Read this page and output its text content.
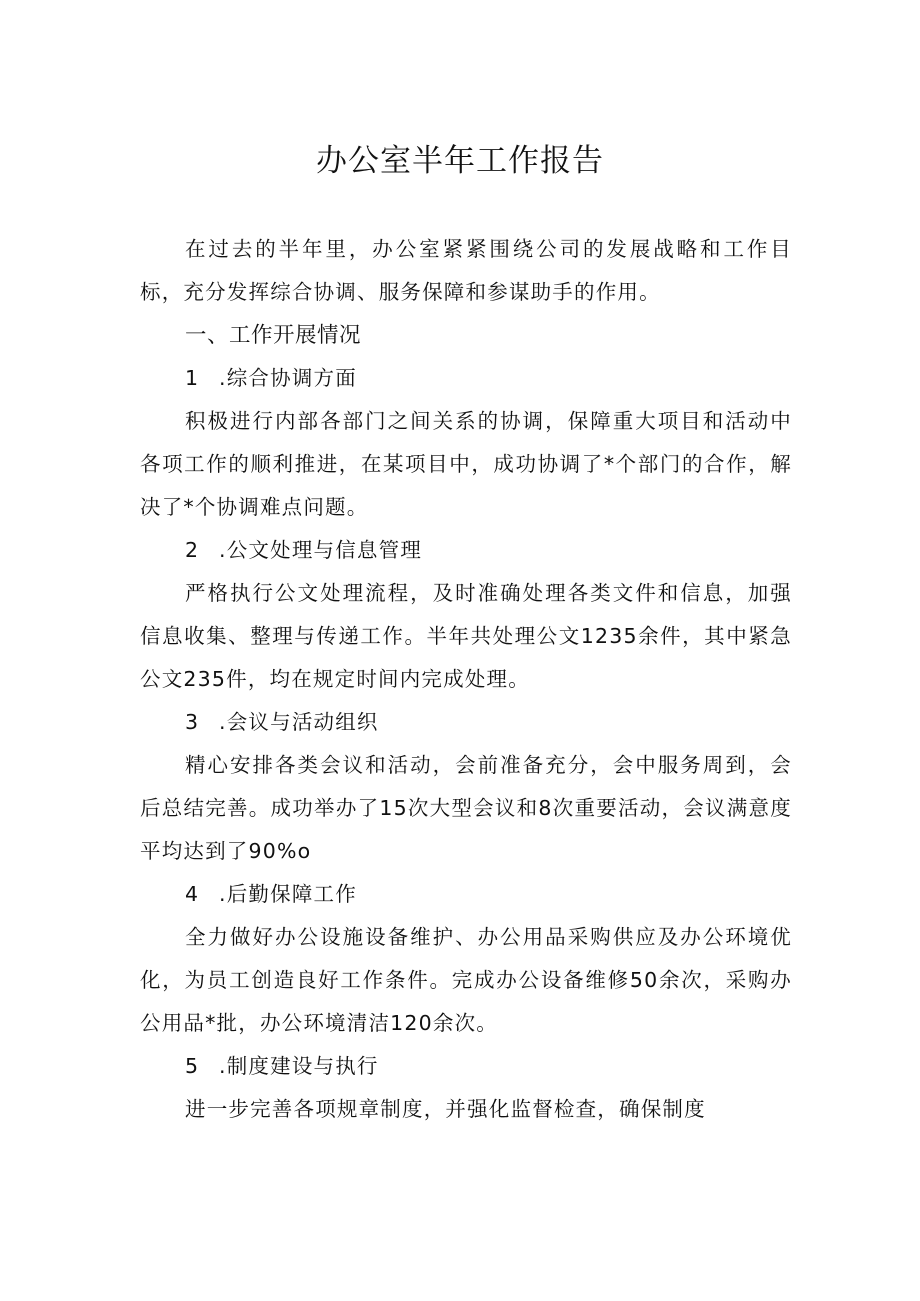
办公室半年工作报告

在过去的半年里，办公室紧紧围绕公司的发展战略和工作目标，充分发挥综合协调、服务保障和参谋助手的作用。

一、工作开展情况

1 .综合协调方面

积极进行内部各部门之间关系的协调，保障重大项目和活动中各项工作的顺利推进，在某项目中，成功协调了*个部门的合作，解决了*个协调难点问题。

2 .公文处理与信息管理

严格执行公文处理流程，及时准确处理各类文件和信息，加强信息收集、整理与传递工作。半年共处理公文1235余件，其中紧急公文235件，均在规定时间内完成处理。

3 .会议与活动组织

精心安排各类会议和活动，会前准备充分，会中服务周到，会后总结完善。成功举办了15次大型会议和8次重要活动，会议满意度平均达到了90%o

4 .后勤保障工作

全力做好办公设施设备维护、办公用品采购供应及办公环境优化，为员工创造良好工作条件。完成办公设备维修50余次，采购办公用品*批，办公环境清洁120余次。

5 .制度建设与执行

进一步完善各项规章制度，并强化监督检查，确保制度
